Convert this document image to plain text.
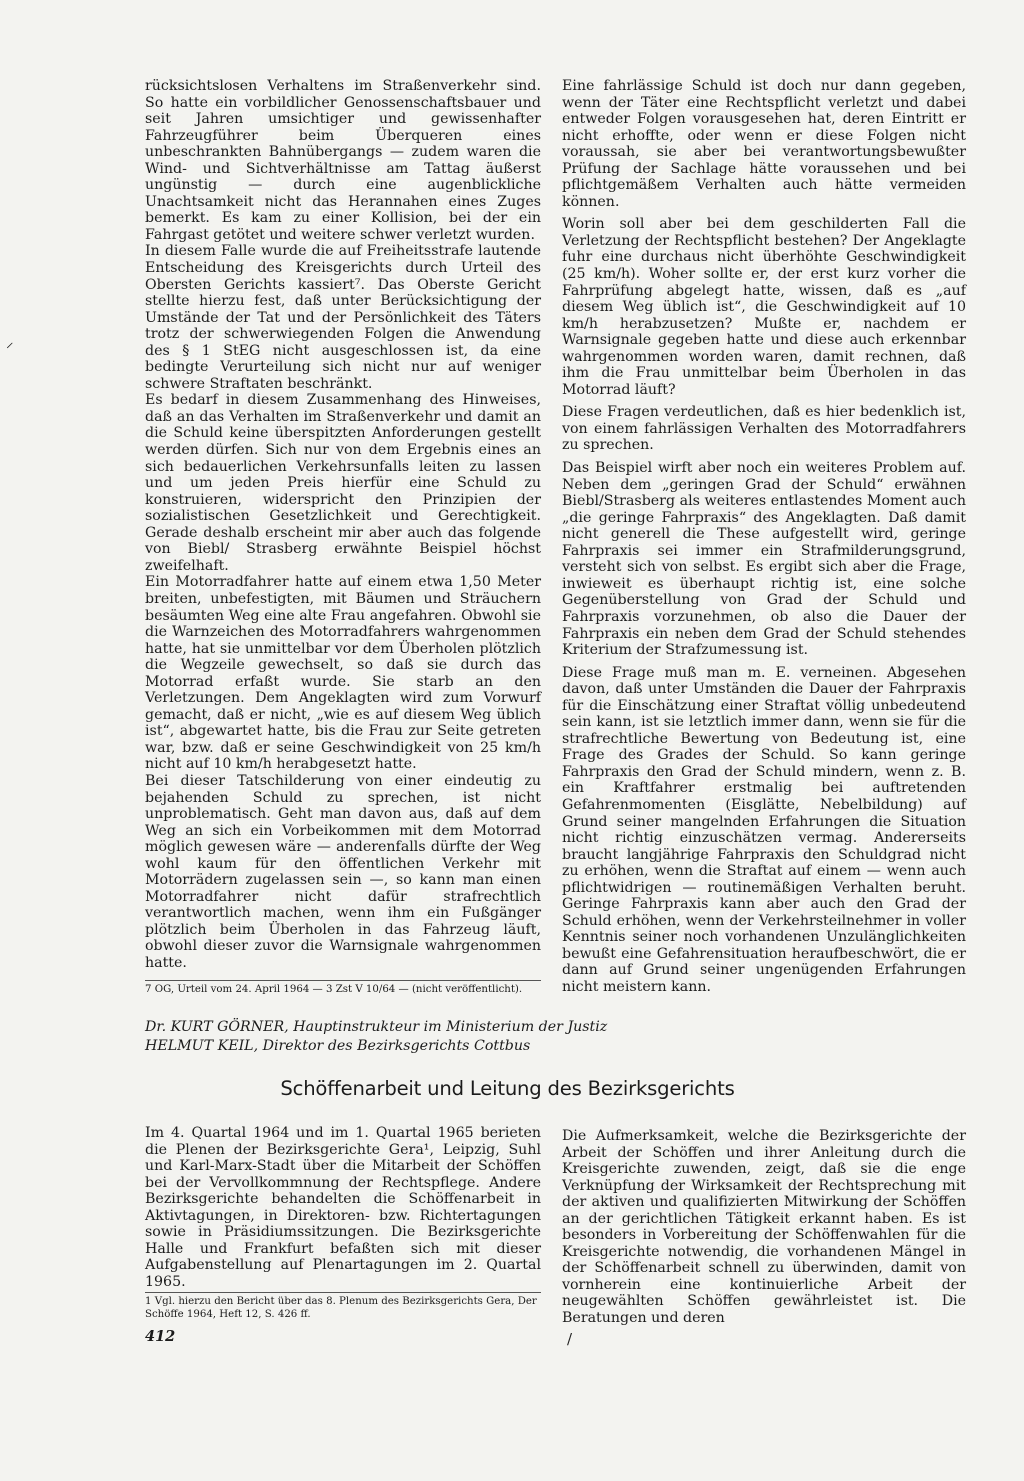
rücksichtslosen Verhaltens im Straßenverkehr sind. So hatte ein vorbildlicher Genossenschaftsbauer und seit Jahren umsichtiger und gewissenhafter Fahrzeugführer beim Überqueren eines unbeschrankten Bahnübergangs — zudem waren die Wind- und Sichtverhältnisse am Tattag äußerst ungünstig — durch eine augenblickliche Unachtsamkeit nicht das Herannahen eines Zuges bemerkt. Es kam zu einer Kollision, bei der ein Fahrgast getötet und weitere schwer verletzt wurden.

In diesem Falle wurde die auf Freiheitsstrafe lautende Entscheidung des Kreisgerichts durch Urteil des Obersten Gerichts kassiert⁷. Das Oberste Gericht stellte hierzu fest, daß unter Berücksichtigung der Umstände der Tat und der Persönlichkeit des Täters trotz der schwerwiegenden Folgen die Anwendung des § 1 StEG nicht ausgeschlossen ist, da eine bedingte Verurteilung sich nicht nur auf weniger schwere Straftaten beschränkt.

Es bedarf in diesem Zusammenhang des Hinweises, daß an das Verhalten im Straßenverkehr und damit an die Schuld keine überspitzten Anforderungen gestellt werden dürfen. Sich nur von dem Ergebnis eines an sich bedauerlichen Verkehrsunfalls leiten zu lassen und um jeden Preis hierfür eine Schuld zu konstruieren, widerspricht den Prinzipien der sozialistischen Gesetzlichkeit und Gerechtigkeit. Gerade deshalb erscheint mir aber auch das folgende von Biebl/ Strasberg erwähnte Beispiel höchst zweifelhaft.

Ein Motorradfahrer hatte auf einem etwa 1,50 Meter breiten, unbefestigten, mit Bäumen und Sträuchern besäumten Weg eine alte Frau angefahren. Obwohl sie die Warnzeichen des Motorradfahrers wahrgenommen hatte, hat sie unmittelbar vor dem Überholen plötzlich die Wegzeile gewechselt, so daß sie durch das Motorrad erfaßt wurde. Sie starb an den Verletzungen. Dem Angeklagten wird zum Vorwurf gemacht, daß er nicht, „wie es auf diesem Weg üblich ist“, abgewartet hatte, bis die Frau zur Seite getreten war, bzw. daß er seine Geschwindigkeit von 25 km/h nicht auf 10 km/h herabgesetzt hatte.

Bei dieser Tatschilderung von einer eindeutig zu bejahenden Schuld zu sprechen, ist nicht unproblematisch. Geht man davon aus, daß auf dem Weg an sich ein Vorbeikommen mit dem Motorrad möglich gewesen wäre — anderenfalls dürfte der Weg wohl kaum für den öffentlichen Verkehr mit Motorrädern zugelassen sein —, so kann man einen Motorradfahrer nicht dafür strafrechtlich verantwortlich machen, wenn ihm ein Fußgänger plötzlich beim Überholen in das Fahrzeug läuft, obwohl dieser zuvor die Warnsignale wahrgenommen hatte.

7 OG, Urteil vom 24. April 1964 — 3 Zst V 10/64 — (nicht veröffentlicht).

Eine fahrlässige Schuld ist doch nur dann gegeben, wenn der Täter eine Rechtspflicht verletzt und dabei entweder Folgen vorausgesehen hat, deren Eintritt er nicht erhoffte, oder wenn er diese Folgen nicht voraussah, sie aber bei verantwortungsbewußter Prüfung der Sachlage hätte voraussehen und bei pflichtgemäßem Verhalten auch hätte vermeiden können.

Worin soll aber bei dem geschilderten Fall die Verletzung der Rechtspflicht bestehen? Der Angeklagte fuhr eine durchaus nicht überhöhte Geschwindigkeit (25 km/h). Woher sollte er, der erst kurz vorher die Fahrprüfung abgelegt hatte, wissen, daß es „auf diesem Weg üblich ist“, die Geschwindigkeit auf 10 km/h herabzusetzen? Mußte er, nachdem er Warnsignale gegeben hatte und diese auch erkennbar wahrgenommen worden waren, damit rechnen, daß ihm die Frau unmittelbar beim Überholen in das Motorrad läuft?

Diese Fragen verdeutlichen, daß es hier bedenklich ist, von einem fahrlässigen Verhalten des Motorradfahrers zu sprechen.

Das Beispiel wirft aber noch ein weiteres Problem auf. Neben dem „geringen Grad der Schuld“ erwähnen Biebl/Strasberg als weiteres entlastendes Moment auch „die geringe Fahrpraxis“ des Angeklagten. Daß damit nicht generell die These aufgestellt wird, geringe Fahrpraxis sei immer ein Strafmilderungsgrund, versteht sich von selbst. Es ergibt sich aber die Frage, inwieweit es überhaupt richtig ist, eine solche Gegenüberstellung von Grad der Schuld und Fahrpraxis vorzunehmen, ob also die Dauer der Fahrpraxis ein neben dem Grad der Schuld stehendes Kriterium der Strafzumessung ist.

Diese Frage muß man m. E. verneinen. Abgesehen davon, daß unter Umständen die Dauer der Fahrpraxis für die Einschätzung einer Straftat völlig unbedeutend sein kann, ist sie letztlich immer dann, wenn sie für die strafrechtliche Bewertung von Bedeutung ist, eine Frage des Grades der Schuld. So kann geringe Fahrpraxis den Grad der Schuld mindern, wenn z. B. ein Kraftfahrer erstmalig bei auftretenden Gefahrenmomenten (Eisglätte, Nebelbildung) auf Grund seiner mangelnden Erfahrungen die Situation nicht richtig einzuschätzen vermag. Andererseits braucht langjährige Fahrpraxis den Schuldgrad nicht zu erhöhen, wenn die Straftat auf einem — wenn auch pflichtwidrigen — routinemäßigen Verhalten beruht. Geringe Fahrpraxis kann aber auch den Grad der Schuld erhöhen, wenn der Verkehrsteilnehmer in voller Kenntnis seiner noch vorhandenen Unzulänglichkeiten bewußt eine Gefahrensituation heraufbeschwört, die er dann auf Grund seiner ungenügenden Erfahrungen nicht meistern kann.

Dr. KURT GÖRNER, Hauptinstrukteur im Ministerium der Justiz
HELMUT KEIL, Direktor des Bezirksgerichts Cottbus
Schöffenarbeit und Leitung des Bezirksgerichts

Im 4. Quartal 1964 und im 1. Quartal 1965 berieten die Plenen der Bezirksgerichte Gera¹, Leipzig, Suhl und Karl-Marx-Stadt über die Mitarbeit der Schöffen bei der Vervollkommnung der Rechtspflege. Andere Bezirksgerichte behandelten die Schöffenarbeit in Aktivtagungen, in Direktoren- bzw. Richtertagungen sowie in Präsidiumssitzungen. Die Bezirksgerichte Halle und Frankfurt befaßten sich mit dieser Aufgabenstellung auf Plenartagungen im 2. Quartal 1965.

1 Vgl. hierzu den Bericht über das 8. Plenum des Bezirksgerichts Gera, Der Schöffe 1964, Heft 12, S. 426 ff.

Die Aufmerksamkeit, welche die Bezirksgerichte der Arbeit der Schöffen und ihrer Anleitung durch die Kreisgerichte zuwenden, zeigt, daß sie die enge Verknüpfung der Wirksamkeit der Rechtsprechung mit der aktiven und qualifizierten Mitwirkung der Schöffen an der gerichtlichen Tätigkeit erkannt haben. Es ist besonders in Vorbereitung der Schöffenwahlen für die Kreisgerichte notwendig, die vorhandenen Mängel in der Schöffenarbeit schnell zu überwinden, damit von vornherein eine kontinuierliche Arbeit der neugewählten Schöffen gewährleistet ist. Die Beratungen und deren

412
⸝
/
